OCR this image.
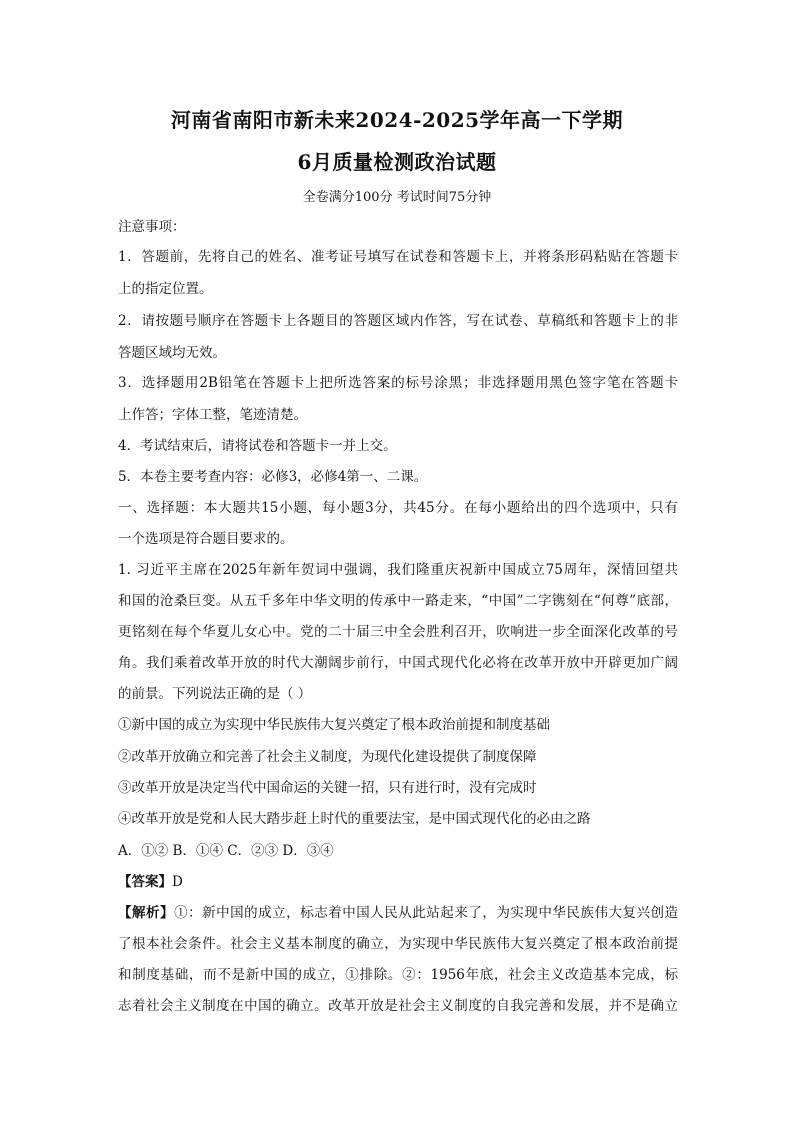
河南省南阳市新未来2024-2025学年高一下学期
6月质量检测政治试题
全卷满分100分 考试时间75分钟
注意事项：
1．答题前，先将自己的姓名、准考证号填写在试卷和答题卡上，并将条形码粘贴在答题卡
上的指定位置。
2．请按题号顺序在答题卡上各题目的答题区域内作答，写在试卷、草稿纸和答题卡上的非
答题区域均无效。
3．选择题用2B铅笔在答题卡上把所选答案的标号涂黑；非选择题用黑色签字笔在答题卡
上作答；字体工整，笔迹清楚。
4．考试结束后，请将试卷和答题卡一并上交。
5．本卷主要考查内容：必修3，必修4第一、二课。
一、选择题：本大题共15小题，每小题3分，共45分。在每小题给出的四个选项中，只有
一个选项是符合题目要求的。
1. 习近平主席在2025年新年贺词中强调，我们隆重庆祝新中国成立75周年，深情回望共
和国的沧桑巨变。从五千多年中华文明的传承中一路走来，“中国”二字镌刻在“何尊”底部，
更铭刻在每个华夏儿女心中。党的二十届三中全会胜利召开，吹响进一步全面深化改革的号
角。我们乘着改革开放的时代大潮阔步前行，中国式现代化必将在改革开放中开辟更加广阔
的前景。下列说法正确的是（ ）
①新中国的成立为实现中华民族伟大复兴奠定了根本政治前提和制度基础
②改革开放确立和完善了社会主义制度，为现代化建设提供了制度保障
③改革开放是决定当代中国命运的关键一招，只有进行时，没有完成时
④改革开放是党和人民大踏步赶上时代的重要法宝，是中国式现代化的必由之路
A．①② B．①④ C．②③ D．③④
【答案】D
【解析】①：新中国的成立，标志着中国人民从此站起来了，为实现中华民族伟大复兴创造
了根本社会条件。社会主义基本制度的确立，为实现中华民族伟大复兴奠定了根本政治前提
和制度基础，而不是新中国的成立，①排除。②：1956年底，社会主义改造基本完成，标
志着社会主义制度在中国的确立。改革开放是社会主义制度的自我完善和发展，并不是确立
